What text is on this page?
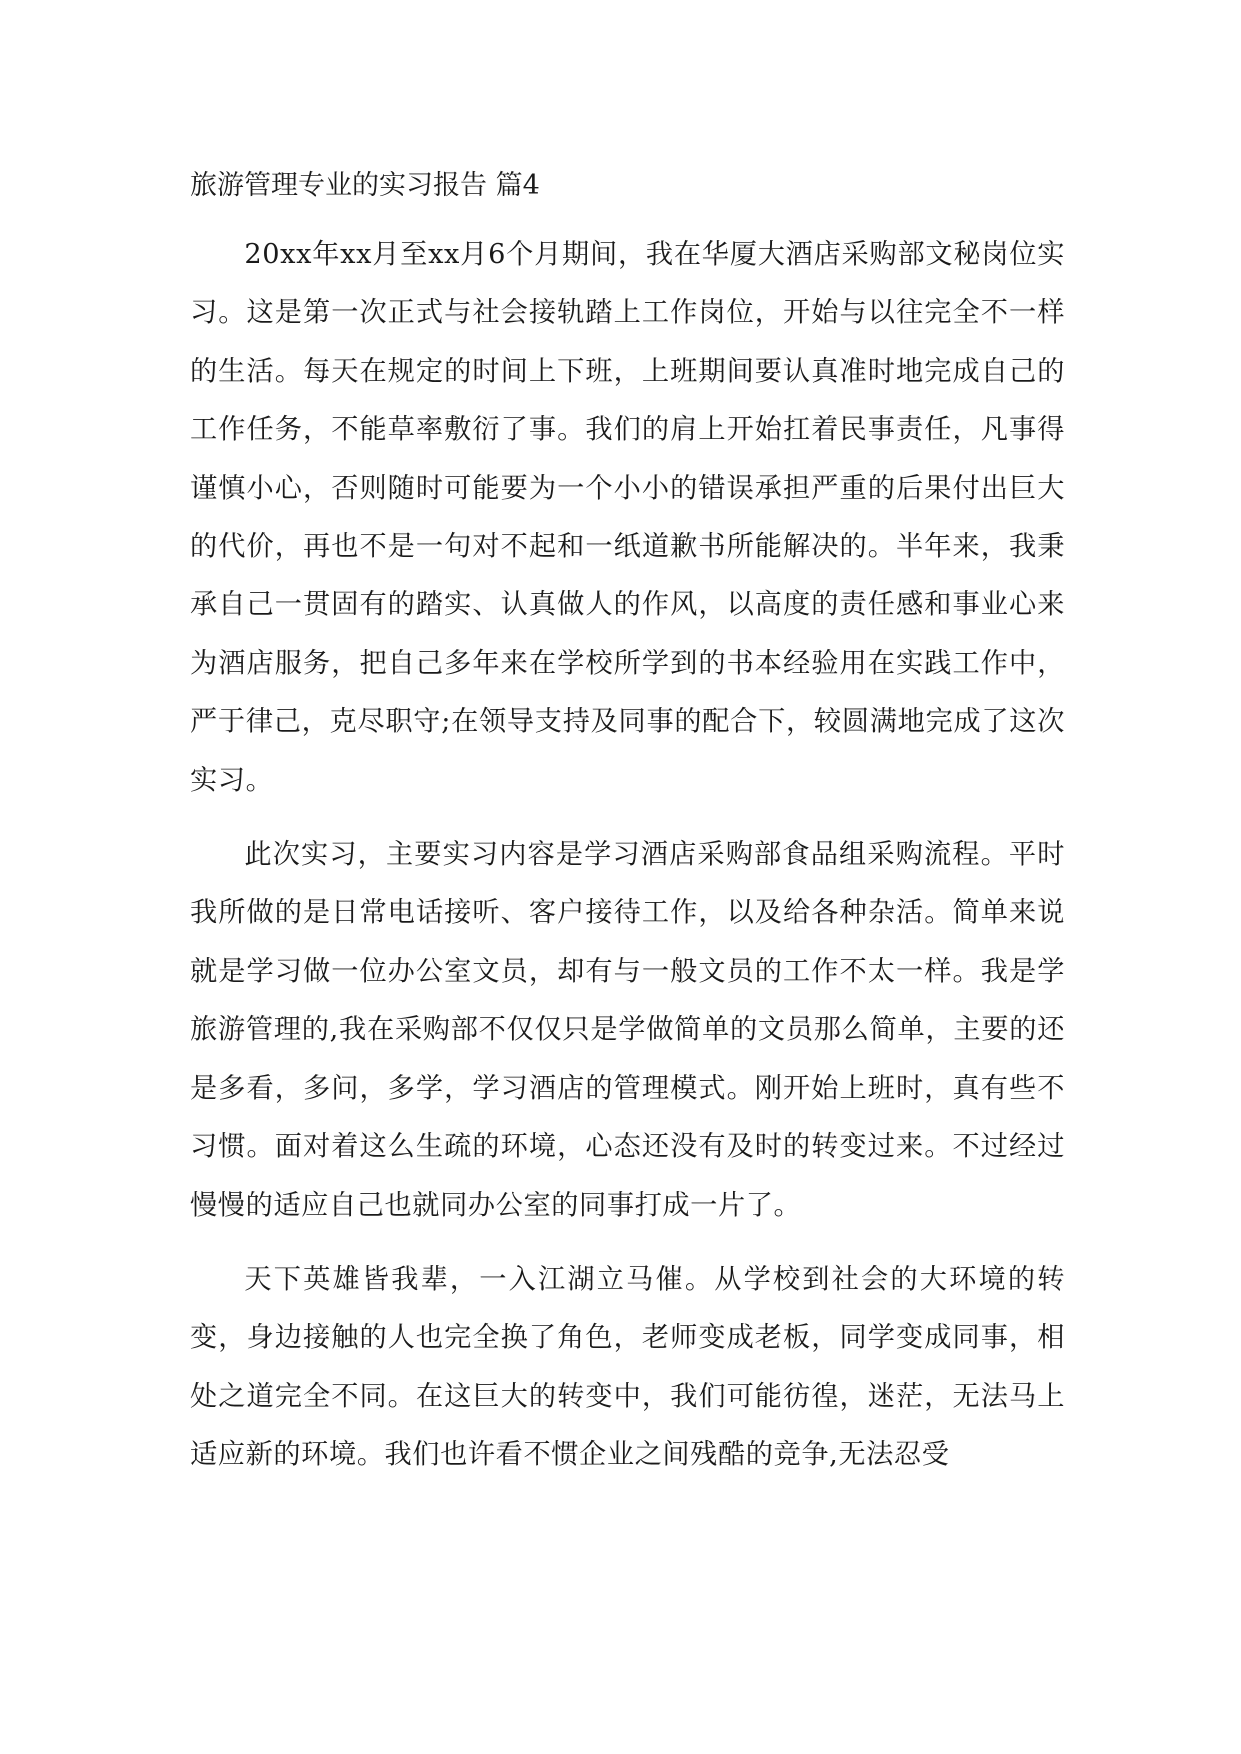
旅游管理专业的实习报告 篇4

20xx年xx月至xx月6个月期间，我在华厦大酒店采购部文秘岗位实习。这是第一次正式与社会接轨踏上工作岗位，开始与以往完全不一样的生活。每天在规定的时间上下班，上班期间要认真准时地完成自己的工作任务，不能草率敷衍了事。我们的肩上开始扛着民事责任，凡事得谨慎小心，否则随时可能要为一个小小的错误承担严重的后果付出巨大的代价，再也不是一句对不起和一纸道歉书所能解决的。半年来，我秉承自己一贯固有的踏实、认真做人的作风，以高度的责任感和事业心来为酒店服务，把自己多年来在学校所学到的书本经验用在实践工作中，严于律己，克尽职守;在领导支持及同事的配合下，较圆满地完成了这次实习。

此次实习，主要实习内容是学习酒店采购部食品组采购流程。平时我所做的是日常电话接听、客户接待工作，以及给各种杂活。简单来说就是学习做一位办公室文员，却有与一般文员的工作不太一样。我是学旅游管理的,我在采购部不仅仅只是学做简单的文员那么简单，主要的还是多看，多问，多学，学习酒店的管理模式。刚开始上班时，真有些不习惯。面对着这么生疏的环境，心态还没有及时的转变过来。不过经过慢慢的适应自己也就同办公室的同事打成一片了。

天下英雄皆我辈，一入江湖立马催。从学校到社会的大环境的转变，身边接触的人也完全换了角色，老师变成老板，同学变成同事，相处之道完全不同。在这巨大的转变中，我们可能彷徨，迷茫，无法马上适应新的环境。我们也许看不惯企业之间残酷的竞争,无法忍受
